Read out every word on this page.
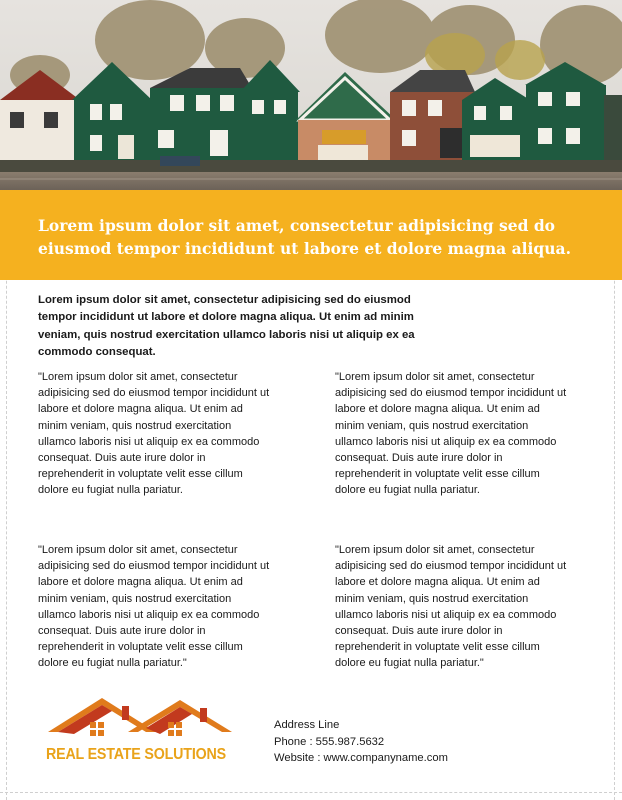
Lorem ipsum dolor sit amet, consectetur adipisicing sed do eiusmod tempor incididunt ut labore et dolore magna aliqua.
Lorem ipsum dolor sit amet, consectetur adipisicing sed do eiusmod tempor incididunt ut labore et dolore magna aliqua. Ut enim ad minim veniam, quis nostrud exercitation ullamco laboris nisi ut aliquip ex ea commodo consequat.
"Lorem ipsum dolor sit amet, consectetur adipisicing sed do eiusmod tempor incididunt ut labore et dolore magna aliqua. Ut enim ad minim veniam, quis nostrud exercitation ullamco laboris nisi ut aliquip ex ea commodo consequat. Duis aute irure dolor in reprehenderit in voluptate velit esse cillum dolore eu fugiat nulla pariatur.
"Lorem ipsum dolor sit amet, consectetur adipisicing sed do eiusmod tempor incididunt ut labore et dolore magna aliqua. Ut enim ad minim veniam, quis nostrud exercitation ullamco laboris nisi ut aliquip ex ea commodo consequat. Duis aute irure dolor in reprehenderit in voluptate velit esse cillum dolore eu fugiat nulla pariatur.
"Lorem ipsum dolor sit amet, consectetur adipisicing sed do eiusmod tempor incididunt ut labore et dolore magna aliqua. Ut enim ad minim veniam, quis nostrud exercitation ullamco laboris nisi ut aliquip ex ea commodo consequat. Duis aute irure dolor in reprehenderit in voluptate velit esse cillum dolore eu fugiat nulla pariatur."
"Lorem ipsum dolor sit amet, consectetur adipisicing sed do eiusmod tempor incididunt ut labore et dolore magna aliqua. Ut enim ad minim veniam, quis nostrud exercitation ullamco laboris nisi ut aliquip ex ea commodo consequat. Duis aute irure dolor in reprehenderit in voluptate velit esse cillum dolore eu fugiat nulla pariatur."
REAL ESTATE SOLUTIONS
Address Line
Phone : 555.987.5632
Website : www.companyname.com
